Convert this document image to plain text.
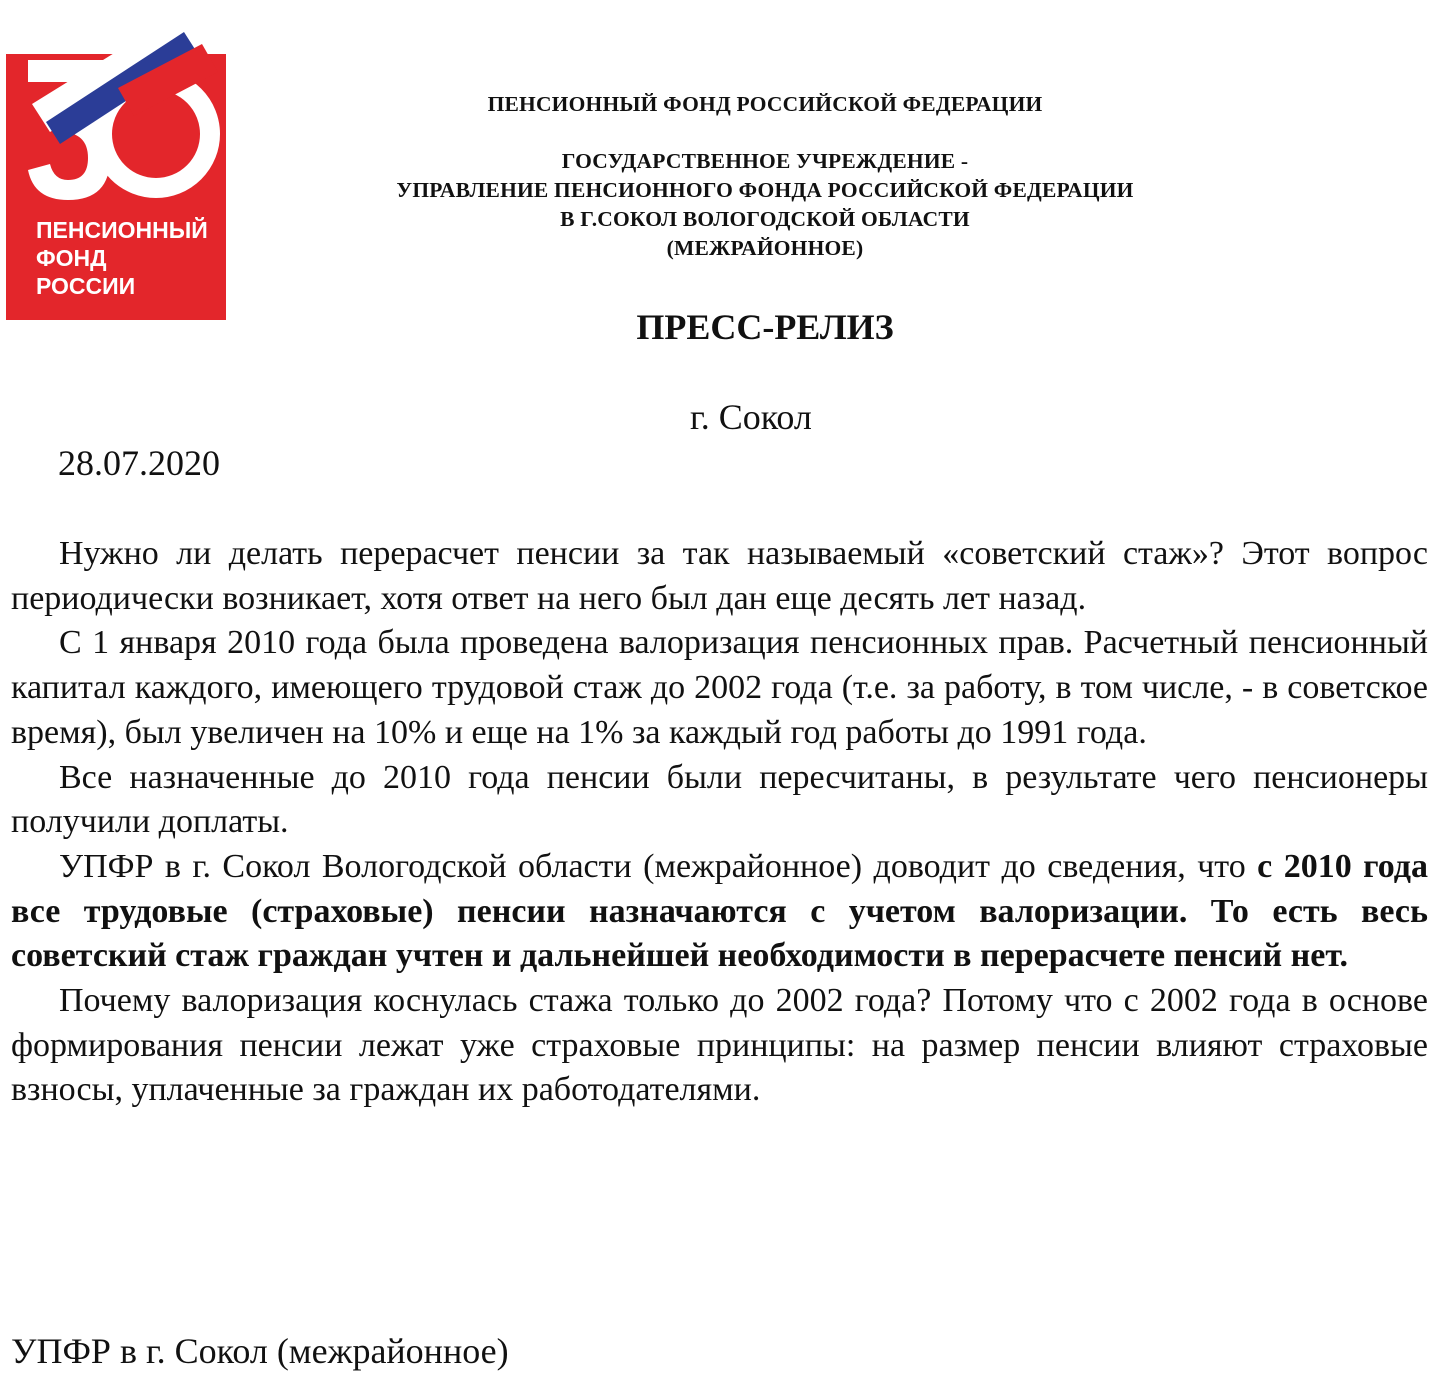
ПЕНСИОННЫЙ
ФОНД
РОССИИ
ПЕНСИОННЫЙ ФОНД РОССИЙСКОЙ ФЕДЕРАЦИИ
ГОСУДАРСТВЕННОЕ УЧРЕЖДЕНИЕ -
УПРАВЛЕНИЕ ПЕНСИОННОГО ФОНДА РОССИЙСКОЙ ФЕДЕРАЦИИ
В Г.СОКОЛ ВОЛОГОДСКОЙ ОБЛАСТИ
(МЕЖРАЙОННОЕ)
ПРЕСС-РЕЛИЗ
г. Сокол
28.07.2020

Нужно ли делать перерасчет пенсии за так называемый «советский стаж»? Этот вопрос периодически возникает, хотя ответ на него был дан еще десять лет назад.

С 1 января 2010 года была проведена валоризация пенсионных прав. Расчетный пенсионный капитал каждого, имеющего трудовой стаж до 2002 года (т.е. за работу, в том числе, - в советское время), был увеличен на 10% и еще на 1% за каждый год работы до 1991 года.

Все назначенные до 2010 года пенсии были пересчитаны, в результате чего пенсионеры получили доплаты.

УПФР в г. Сокол Вологодской области (межрайонное) доводит до сведения, что с 2010 года все трудовые (страховые) пенсии назначаются с учетом валоризации. То есть весь советский стаж граждан учтен и дальнейшей необходимости в перерасчете пенсий нет.

Почему валоризация коснулась стажа только до 2002 года? Потому что с 2002 года в основе формирования пенсии лежат уже страховые принципы: на размер пенсии влияют страховые взносы, уплаченные за граждан их работодателями.

УПФР в г. Сокол (межрайонное)
